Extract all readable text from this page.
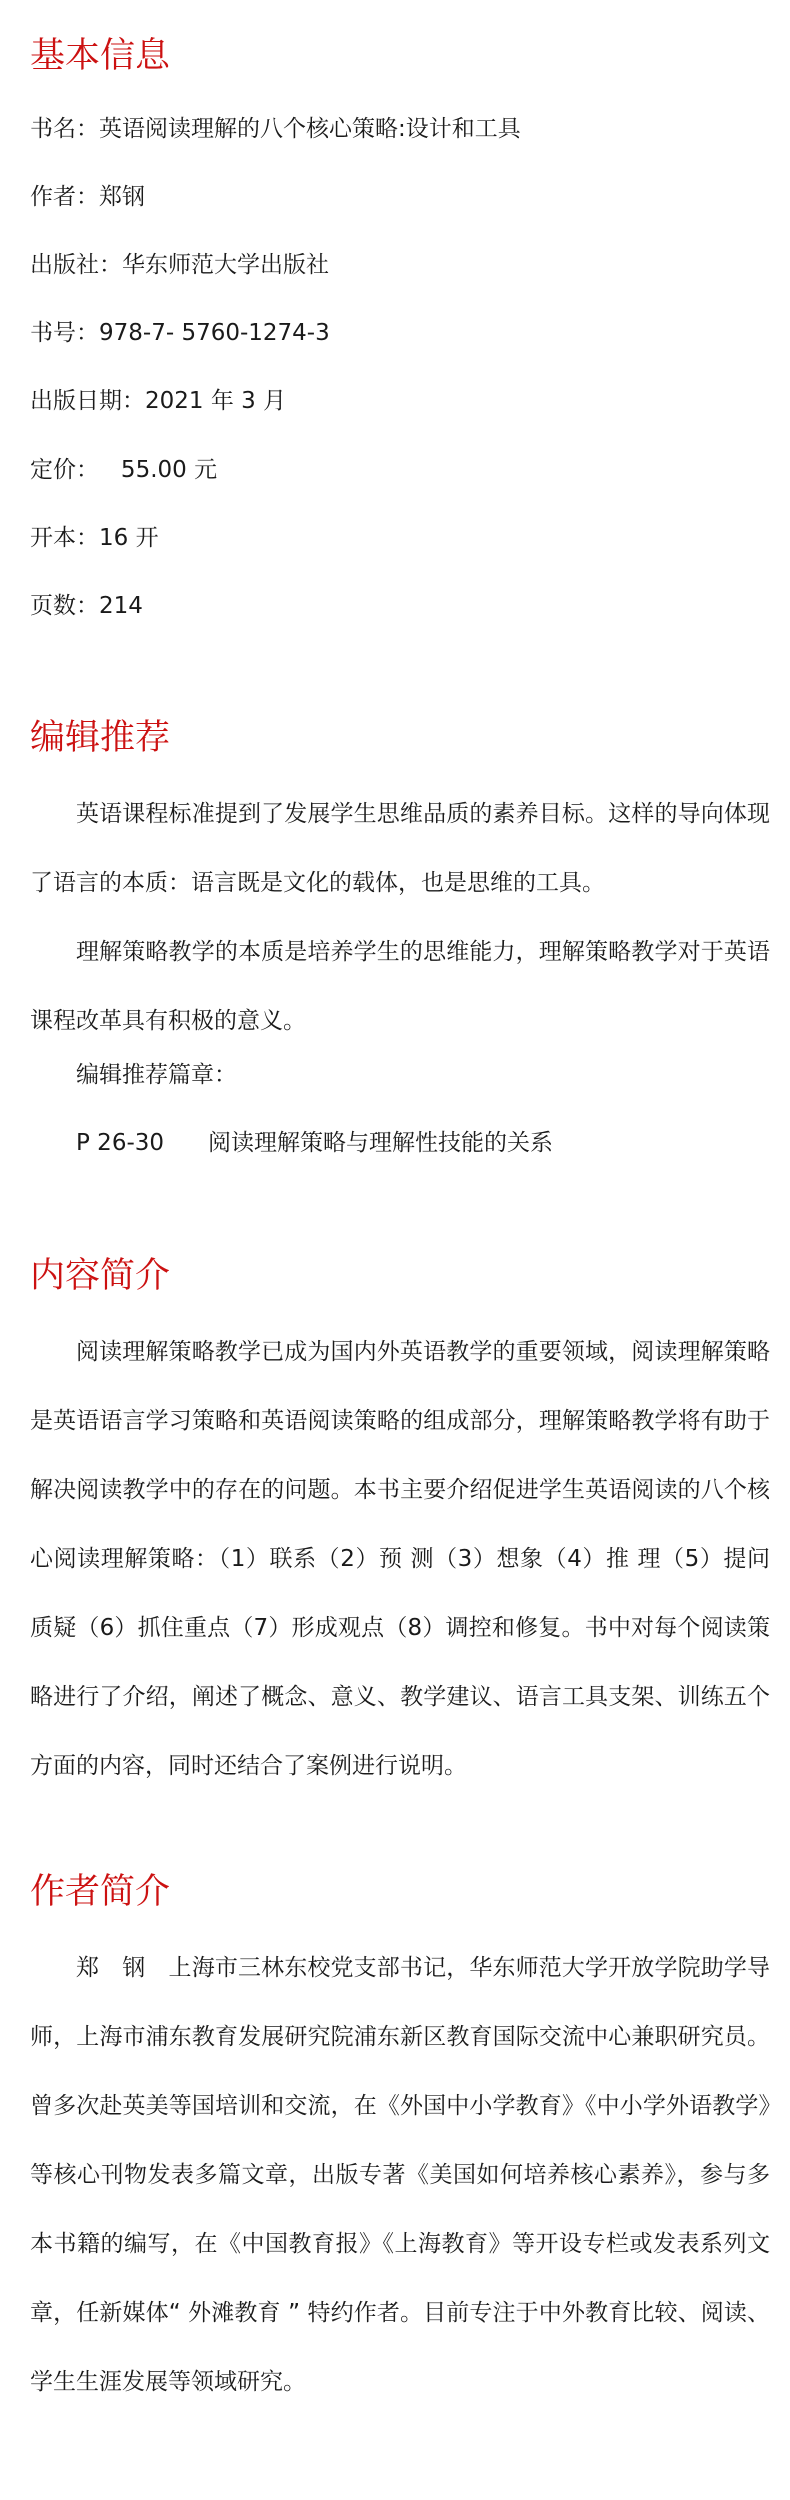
基本信息
书名：英语阅读理解的八个核心策略:设计和工具
作者：郑钢
出版社：华东师范大学出版社
书号：978-7- 5760-1274-3
出版日期：2021 年 3 月
定价：   55.00 元
开本：16 开
页数：214
编辑推荐

英语课程标准提到了发展学生思维品质的素养目标。这样的导向体现了语言的本质：语言既是文化的载体，也是思维的工具。

理解策略教学的本质是培养学生的思维能力，理解策略教学对于英语课程改革具有积极的意义。

编辑推荐篇章：
P 26-30 阅读理解策略与理解性技能的关系
内容简介

阅读理解策略教学已成为国内外英语教学的重要领域，阅读理解策略是英语语言学习策略和英语阅读策略的组成部分，理解策略教学将有助于解决阅读教学中的存在的问题。本书主要介绍促进学生英语阅读的八个核心阅读理解策略：（1）联系（2）预 测（3）想象（4）推 理（5）提问质疑（6）抓住重点（7）形成观点（8）调控和修复。书中对每个阅读策略进行了介绍，阐述了概念、意义、教学建议、语言工具支架、训练五个方面的内容，同时还结合了案例进行说明。

作者简介

郑　钢　上海市三林东校党支部书记，华东师范大学开放学院助学导师，上海市浦东教育发展研究院浦东新区教育国际交流中心兼职研究员。曾多次赴英美等国培训和交流，在《外国中小学教育》《中小学外语教学》等核心刊物发表多篇文章，出版专著《美国如何培养核心素养》，参与多本书籍的编写，在《中国教育报》《上海教育》等开设专栏或发表系列文章，任新媒体“ 外滩教育 ” 特约作者。目前专注于中外教育比较、阅读、学生生涯发展等领域研究。
